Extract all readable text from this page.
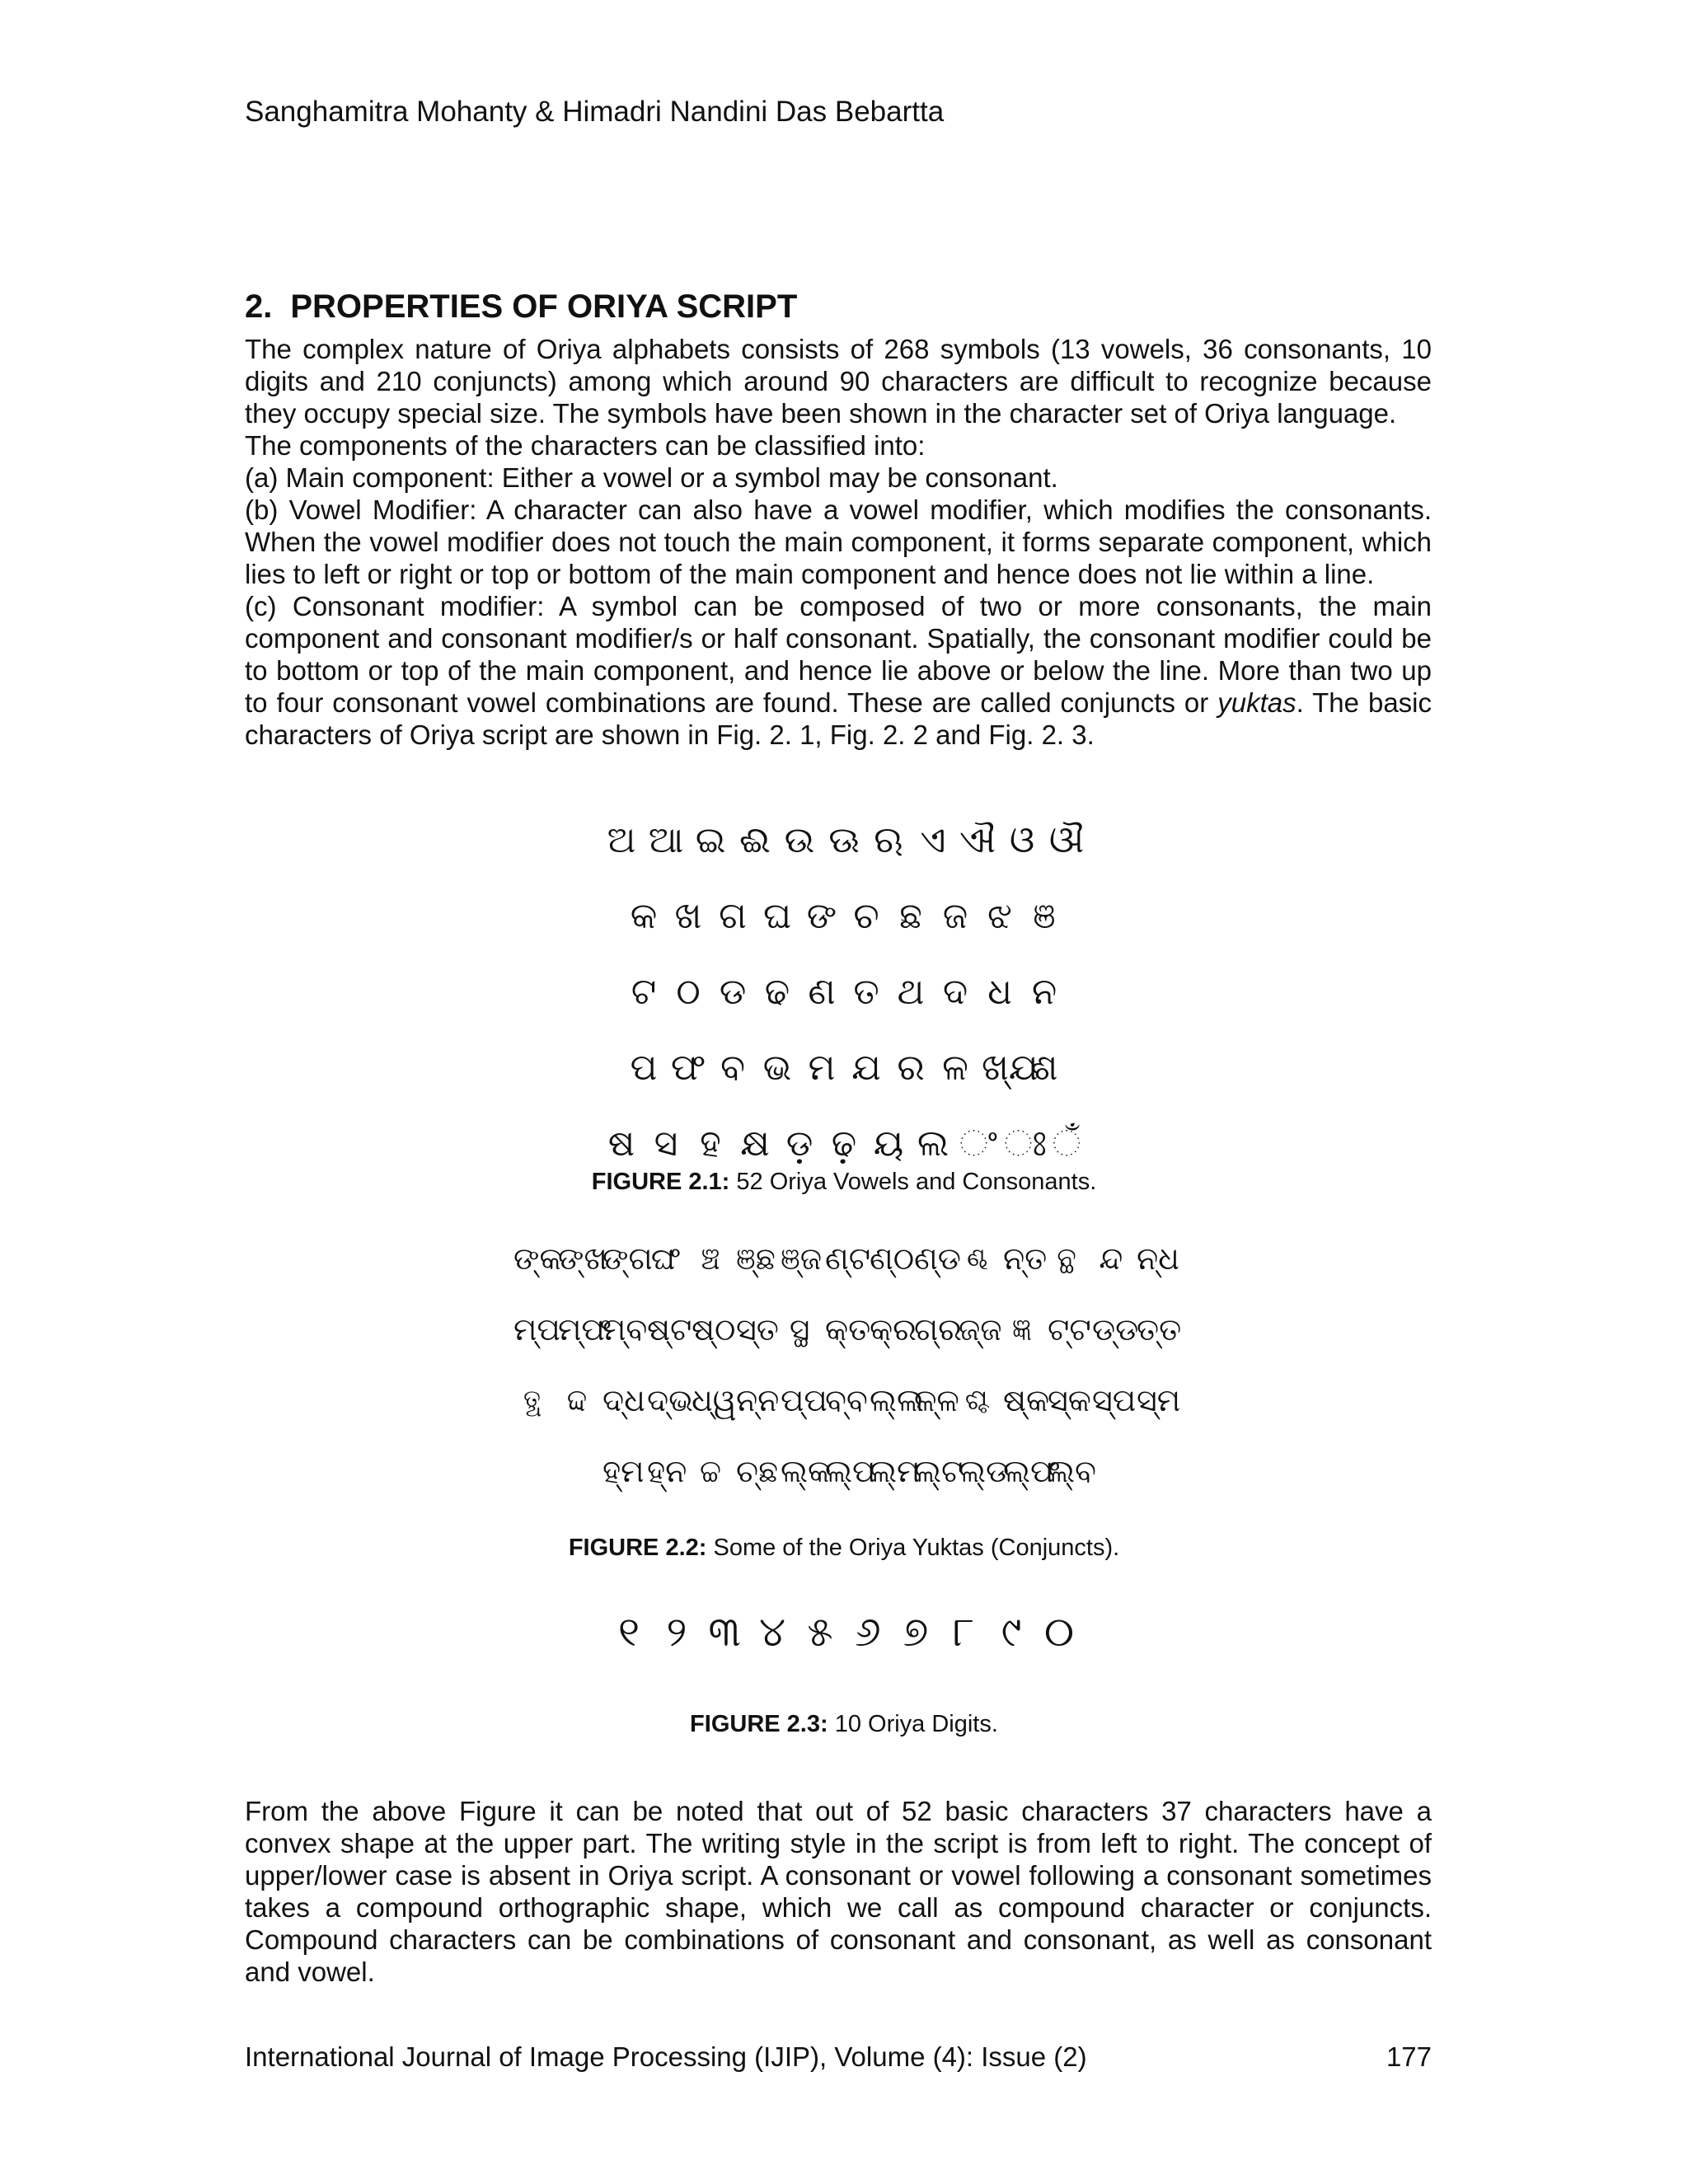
Sanghamitra Mohanty & Himadri Nandini Das Bebartta
2. PROPERTIES OF ORIYA SCRIPT

The complex nature of Oriya alphabets consists of 268 symbols (13 vowels, 36 consonants, 10 digits and 210 conjuncts) among which around 90 characters are difficult to recognize because they occupy special size. The symbols have been shown in the character set of Oriya language.

The components of the characters can be classified into:

(a) Main component: Either a vowel or a symbol may be consonant.

(b) Vowel Modifier: A character can also have a vowel modifier, which modifies the consonants. When the vowel modifier does not touch the main component, it forms separate component, which lies to left or right or top or bottom of the main component and hence does not lie within a line.

(c) Consonant modifier: A symbol can be composed of two or more consonants, the main component and consonant modifier/s or half consonant. Spatially, the consonant modifier could be to bottom or top of the main component, and hence lie above or below the line. More than two up to four consonant vowel combinations are found. These are called conjuncts or yuktas. The basic characters of Oriya script are shown in Fig. 2. 1, Fig. 2. 2 and Fig. 2. 3.

ଅ ଆ ଇ ଈ ଉ ଊ ଋ ଏ ଐ ଓ ଔ
କ ଖ ଗ ଘ ଙ ଚ ଛ ଜ ଝ ଞ
ଟ ଠ ଡ ଢ ଣ ତ ଥ ଦ ଧ ନ
ପ ଫ ବ ଭ ମ ଯ ର ଳ ଖ୍ଯ
ଶ
ଷ ସ ହ କ୍ଷ ଡ଼ ଢ଼ ୟ ଲ ଂ ଃ ଁ
FIGURE 2.1: 52 Oriya Vowels and Consonants.
ଙ୍କ
ଙ୍ଖ
ଙ୍ଗ
ଙ୍ଘ ଞ୍ଚ ଞ୍ଛ ଞ୍ଜ ଣ୍ଟ
ଣ୍ଠ ଣ୍ଡ ଣ୍ଢ ନ୍ତ ନ୍ଥ ନ୍ଦ ନ୍ଧ
ମ୍ପ
ମ୍ଫ
ମ୍ବ ଷ୍ଟ ଷ୍ଠ ସ୍ତ ସ୍ଥ କ୍ତ
କ୍ର
ଗ୍ର
ଜ୍ଜ ଜ୍ଞ ଟ୍ଟ ଡ୍ଡ
ତ୍ତ
ତ୍ଥ ଦ୍ଦ ଦ୍ଧ ଦ୍ଭ
ଧ୍ୱ ନ୍ନ ପ୍ପ
ବ୍ବ ଲ୍ଲ
ଳ୍ଳ ଶ୍ଚ ଷ୍କ
ସ୍କ ସ୍ପ ସ୍ମ
ହ୍ମ ହ୍ନ ଚ୍ଚ ଚ୍ଛ ଲ୍କ
ଲ୍ପ
ଲ୍ମ
ଲ୍ଟ
ଲ୍ଡ
ଲ୍ଫ
ଲ୍ବ
FIGURE 2.2: Some of the Oriya Yuktas (Conjuncts).
୧ ୨ ୩ ୪ ୫ ୬ ୭ ୮ ୯ ୦
FIGURE 2.3: 10 Oriya Digits.

From the above Figure it can be noted that out of 52 basic characters 37 characters have a convex shape at the upper part. The writing style in the script is from left to right. The concept of upper/lower case is absent in Oriya script. A consonant or vowel following a consonant sometimes takes a compound orthographic shape, which we call as compound character or conjuncts. Compound characters can be combinations of consonant and consonant, as well as consonant and vowel.

International Journal of Image Processing (IJIP), Volume (4): Issue (2)	177
